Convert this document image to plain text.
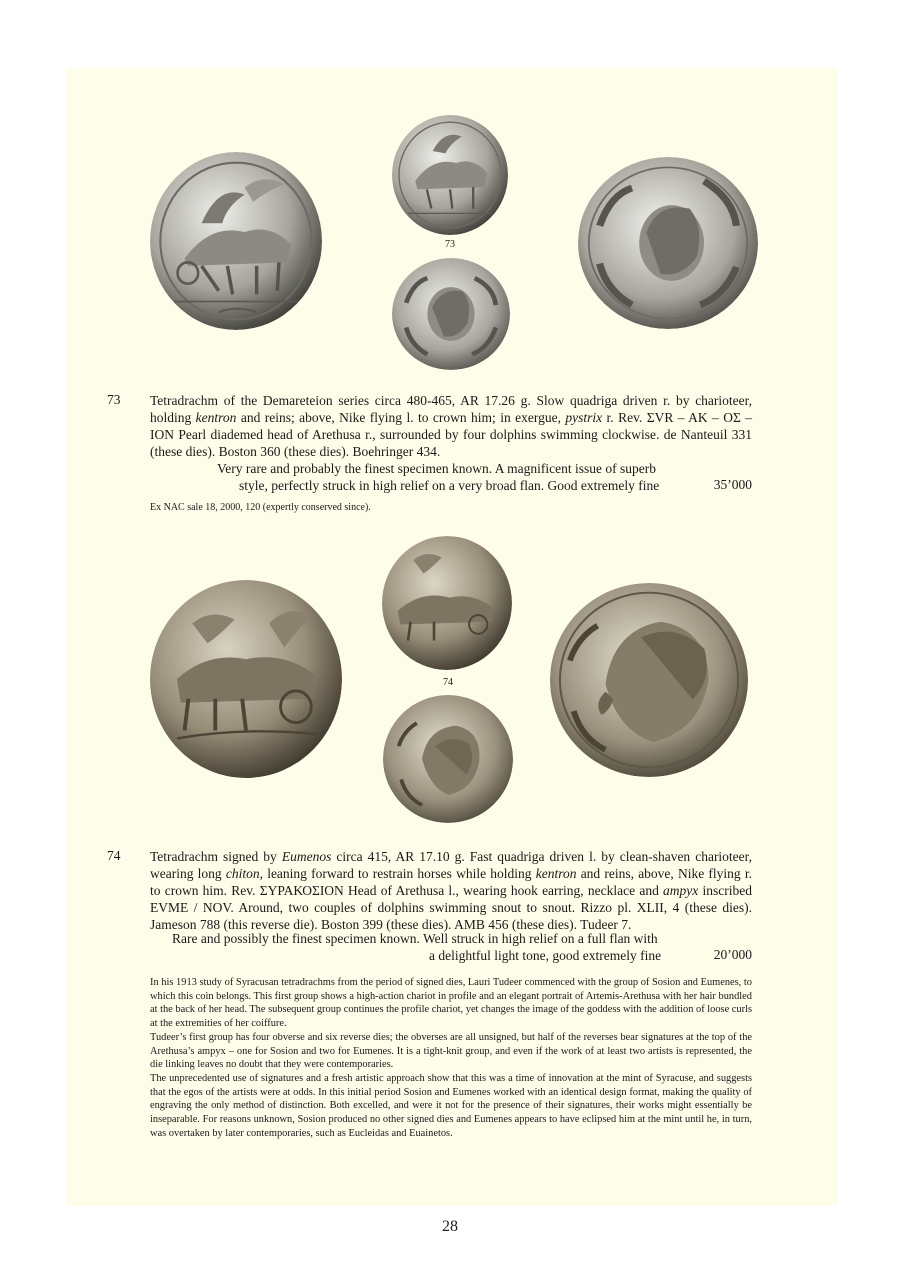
73
73 Tetradrachm of the Demareteion series circa 480-465, AR 17.26 g. Slow quadriga driven r. by charioteer, holding kentron and reins; above, Nike flying l. to crown him; in exergue, pystrix r. Rev. ΣVR – AK – OΣ – ION Pearl diademed head of Arethusa r., surrounded by four dolphins swimming clockwise. de Nanteuil 331 (these dies). Boston 360 (these dies). Boehringer 434.
Very rare and probably the finest specimen known. A magnificent issue of superb
style, perfectly struck in high relief on a very broad flan. Good extremely fine	35’000
Ex NAC sale 18, 2000, 120 (expertly conserved since).
74
74 Tetradrachm signed by Eumenos circa 415, AR 17.10 g. Fast quadriga driven l. by clean-shaven charioteer, wearing long chiton, leaning forward to restrain horses while holding kentron and reins, above, Nike flying r. to crown him. Rev. ΣΥΡΑΚΟΣΙΟΝ Head of Arethusa l., wearing hook earring, necklace and ampyx inscribed EVME / NOV. Around, two couples of dolphins swimming snout to snout. Rizzo pl. XLII, 4 (these dies). Jameson 788 (this reverse die). Boston 399 (these dies). AMB 456 (these dies). Tudeer 7.
Rare and possibly the finest specimen known. Well struck in high relief on a full flan with
a delightful light tone, good extremely fine	20’000

In his 1913 study of Syracusan tetradrachms from the period of signed dies, Lauri Tudeer commenced with the group of Sosion and Eumenes, to which this coin belongs. This first group shows a high-action chariot in profile and an elegant portrait of Artemis-Arethusa with her hair bundled at the back of her head. The subsequent group continues the profile chariot, yet changes the image of the goddess with the addition of loose curls at the extremities of her coiffure.

Tudeer’s first group has four obverse and six reverse dies; the obverses are all unsigned, but half of the reverses bear signatures at the top of the Arethusa’s ampyx – one for Sosion and two for Eumenes. It is a tight-knit group, and even if the work of at least two artists is represented, the die linking leaves no doubt that they were contemporaries.

The unprecedented use of signatures and a fresh artistic approach show that this was a time of innovation at the mint of Syracuse, and suggests that the egos of the artists were at odds. In this initial period Sosion and Eumenes worked with an identical design format, making the quality of engraving the only method of distinction. Both excelled, and were it not for the presence of their signatures, their works might essentially be inseparable. For reasons unknown, Sosion produced no other signed dies and Eumenes appears to have eclipsed him at the mint until he, in turn, was overtaken by later contemporaries, such as Eucleidas and Euainetos.

28
